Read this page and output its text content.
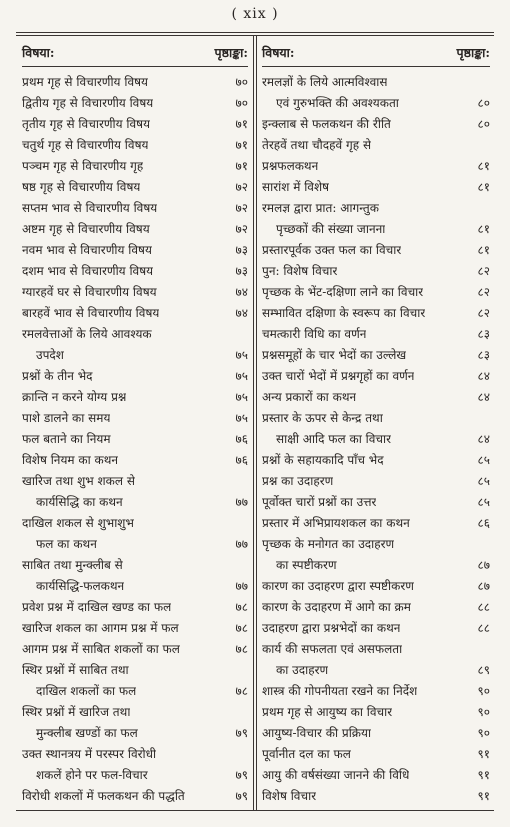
( xix )
विषया:	पृष्ठाङ्का:
प्रथम गृह से विचारणीय विषय	७०
द्वितीय गृह से विचारणीय विषय	७०
तृतीय गृह से विचारणीय विषय	७१
चतुर्थ गृह से विचारणीय विषय	७१
पञ्चम गृह से विचारणीय गृह	७१
षष्ठ गृह से विचारणीय विषय	७२
सप्तम भाव से विचारणीय विषय	७२
अष्टम गृह से विचारणीय विषय	७२
नवम भाव से विचारणीय विषय	७३
दशम भाव से विचारणीय विषय	७३
ग्यारहवें घर से विचारणीय विषय	७४
बारहवें भाव से विचारणीय विषय	७४
रमलवेत्ताओं के लिये आवश्यक
उपदेश	७५
प्रश्नों के तीन भेद	७५
क्रान्ति न करने योग्य प्रश्न	७५
पाशे डालने का समय	७५
फल बताने का नियम	७६
विशेष नियम का कथन	७६
खारिज तथा शुभ शकल से
कार्यसिद्धि का कथन	७७
दाखिल शकल से शुभाशुभ
फल का कथन	७७
साबित तथा मुन्क्लीब से
कार्यसिद्धि-फलकथन	७७
प्रवेश प्रश्न में दाखिल खण्ड का फल	७८
खारिज शकल का आगम प्रश्न में फल	७८
आगम प्रश्न में साबित शकलों का फल	७८
स्थिर प्रश्नों में साबित तथा
दाखिल शकलों का फल	७८
स्थिर प्रश्नों में खारिज तथा
मुन्क्लीब खण्डों का फल	७९
उक्त स्थानत्रय में परस्पर विरोधी
शकलें होने पर फल-विचार	७९
विरोधी शकलों में फलकथन की पद्धति	७९
विषया:	पृष्ठाङ्का:
रमलज्ञों के लिये आत्मविश्वास
एवं गुरुभक्ति की अवश्यकता	८०
इन्क्लाब से फलकथन की रीति	८०
तेरहवें तथा चौदहवें गृह से
प्रश्नफलकथन	८१
सारांश में विशेष	८१
रमलज्ञ द्वारा प्रात: आगन्तुक
पृच्छकों की संख्या जानना	८१
प्रस्तारपूर्वक उक्त फल का विचार	८१
पुन: विशेष विचार	८२
पृच्छक के भेंट-दक्षिणा लाने का विचार	८२
सम्भावित दक्षिणा के स्वरूप का विचार	८२
चमत्कारी विधि का वर्णन	८३
प्रश्नसमूहों के चार भेदों का उल्लेख	८३
उक्त चारों भेदों में प्रश्नगृहों का वर्णन	८४
अन्य प्रकारों का कथन	८४
प्रस्तार के ऊपर से केन्द्र तथा
साक्षी आदि फल का विचार	८४
प्रश्नों के सहायकादि पाँच भेद	८५
प्रश्न का उदाहरण	८५
पूर्वोक्त चारों प्रश्नों का उत्तर	८५
प्रस्तार में अभिप्रायशकल का कथन	८६
पृच्छक के मनोगत का उदाहरण
का स्पष्टीकरण	८७
कारण का उदाहरण द्वारा स्पष्टीकरण	८७
कारण के उदाहरण में आगे का क्रम	८८
उदाहरण द्वारा प्रश्नभेदों का कथन	८८
कार्य की सफलता एवं असफलता
का उदाहरण	८९
शास्त्र की गोपनीयता रखने का निर्देश	९०
प्रथम गृह से आयुष्य का विचार	९०
आयुष्य-विचार की प्रक्रिया	९०
पूर्वानीत दल का फल	९१
आयु की वर्षसंख्या जानने की विधि	९१
विशेष विचार	९१
